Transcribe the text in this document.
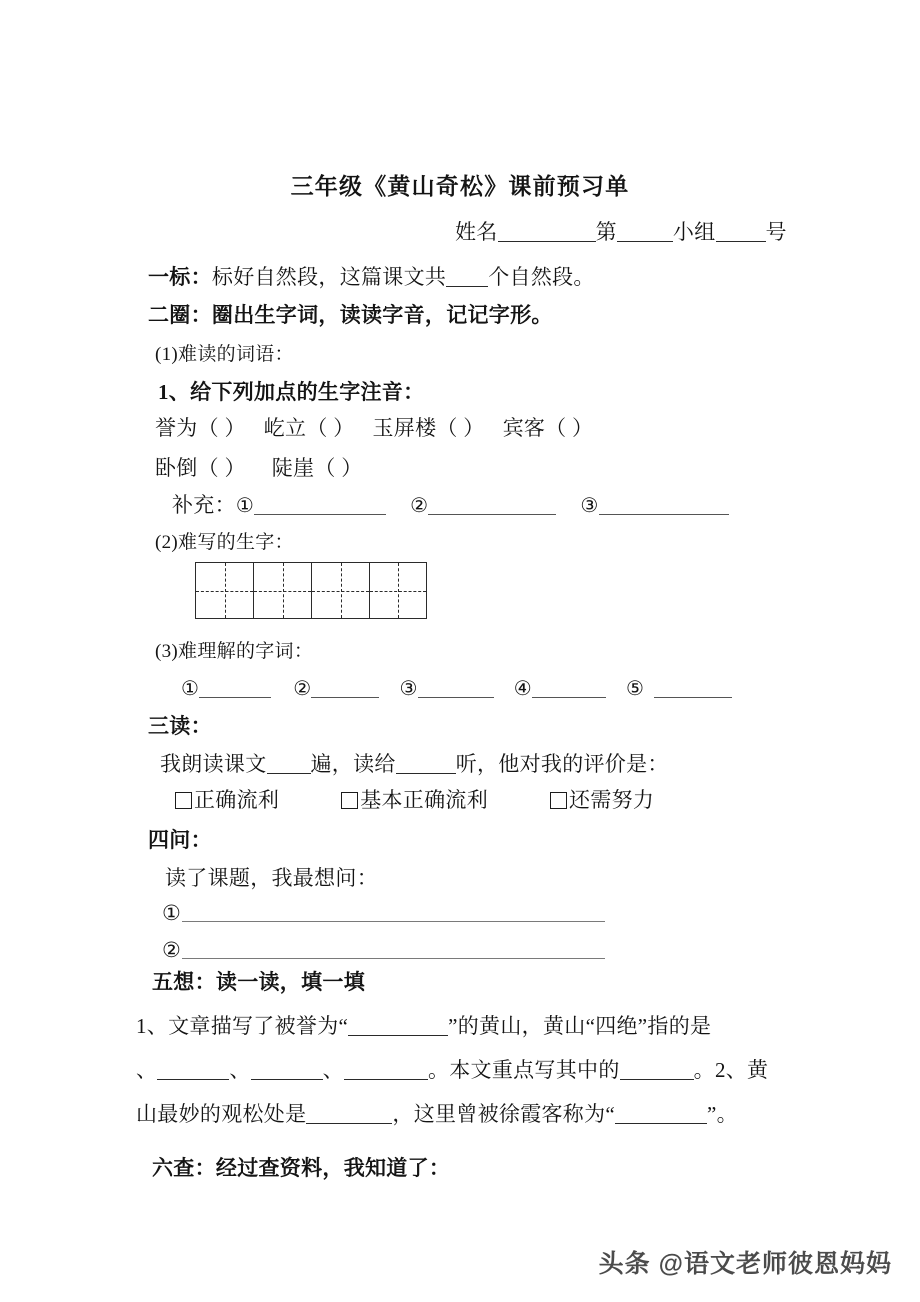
三年级《黄山奇松》课前预习单
姓名	第	小组 号
一标：标好自然段，这篇课文共 个自然段。
二圈：圈出生字词，读读字音，记记字形。
(1)难读的词语：
1、给下列加点的生字注音：
誉为（ ） 屹立（ ） 玉屏楼（ ） 宾客（ ）
卧倒（ ） 陡崖（ ）
补充：①	②	③
(2)难写的生字：
(3)难理解的字词：
①	②	③	④	⑤
三读：
我朗读课文 遍，读给	听，他对我的评价是：
正确流利	基本正确流利	还需努力
四问：
读了课题，我最想问：
①
②
五想：读一读，填一填
1、文章描写了被誉为“	”的黄山，黄山“四绝”指的是
、	、	、	。本文重点写其中的	。2、黄
山最妙的观松处是	，这里曾被徐霞客称为“	”。
六查：经过查资料，我知道了：
头条 @语文老师彼恩妈妈
